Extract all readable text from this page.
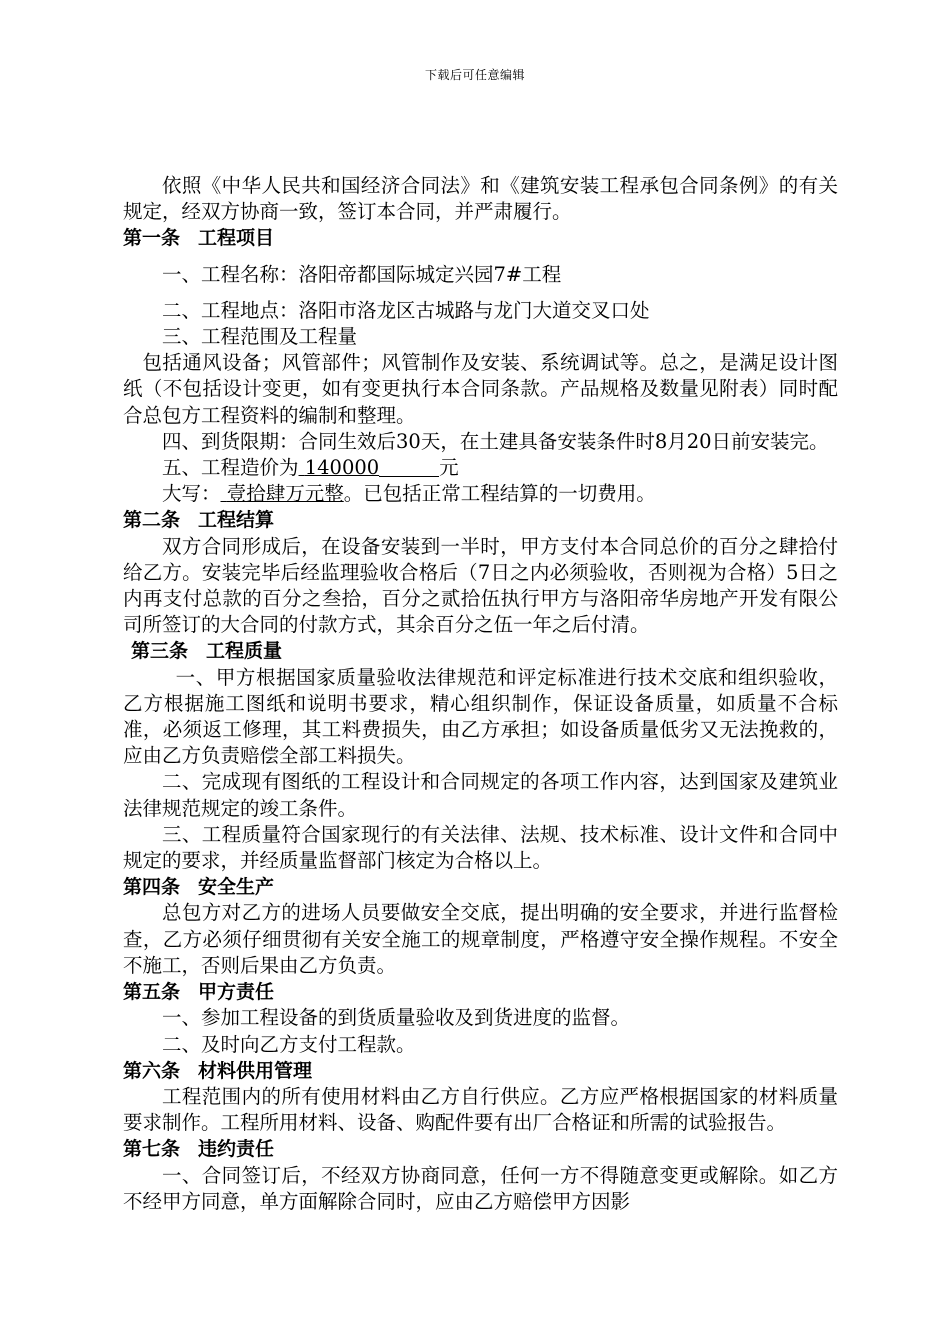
下载后可任意编辑

依照《中华人民共和国经济合同法》和《建筑安装工程承包合同条例》的有关规定，经双方协商一致，签订本合同，并严肃履行。

第一条 工程项目

一、工程名称：洛阳帝都国际城定兴园7#工程

二、工程地点：洛阳市洛龙区古城路与龙门大道交叉口处

三、工程范围及工程量

包括通风设备；风管部件；风管制作及安装、系统调试等。总之，是满足设计图纸（不包括设计变更，如有变更执行本合同条款。产品规格及数量见附表）同时配合总包方工程资料的编制和整理。

四、到货限期：合同生效后30天，在土建具备安装条件时8月20日前安装完。

五、工程造价为 140000	元

大写： 壹拾肆万元整。已包括正常工程结算的一切费用。

第二条 工程结算

双方合同形成后，在设备安装到一半时，甲方支付本合同总价的百分之肆拾付给乙方。安装完毕后经监理验收合格后（7日之内必须验收，否则视为合格）5日之内再支付总款的百分之叁拾，百分之贰拾伍执行甲方与洛阳帝华房地产开发有限公司所签订的大合同的付款方式，其余百分之伍一年之后付清。

第三条 工程质量

一、甲方根据国家质量验收法律规范和评定标准进行技术交底和组织验收，乙方根据施工图纸和说明书要求，精心组织制作，保证设备质量，如质量不合标准，必须返工修理，其工料费损失，由乙方承担；如设备质量低劣又无法挽救的，应由乙方负责赔偿全部工料损失。

二、完成现有图纸的工程设计和合同规定的各项工作内容，达到国家及建筑业法律规范规定的竣工条件。

三、工程质量符合国家现行的有关法律、法规、技术标准、设计文件和合同中规定的要求，并经质量监督部门核定为合格以上。

第四条 安全生产

总包方对乙方的进场人员要做安全交底，提出明确的安全要求，并进行监督检查，乙方必须仔细贯彻有关安全施工的规章制度，严格遵守安全操作规程。不安全不施工，否则后果由乙方负责。

第五条 甲方责任

一、参加工程设备的到货质量验收及到货进度的监督。

二、及时向乙方支付工程款。

第六条 材料供用管理

工程范围内的所有使用材料由乙方自行供应。乙方应严格根据国家的材料质量要求制作。工程所用材料、设备、购配件要有出厂合格证和所需的试验报告。

第七条 违约责任

一、合同签订后，不经双方协商同意，任何一方不得随意变更或解除。如乙方不经甲方同意，单方面解除合同时，应由乙方赔偿甲方因影
